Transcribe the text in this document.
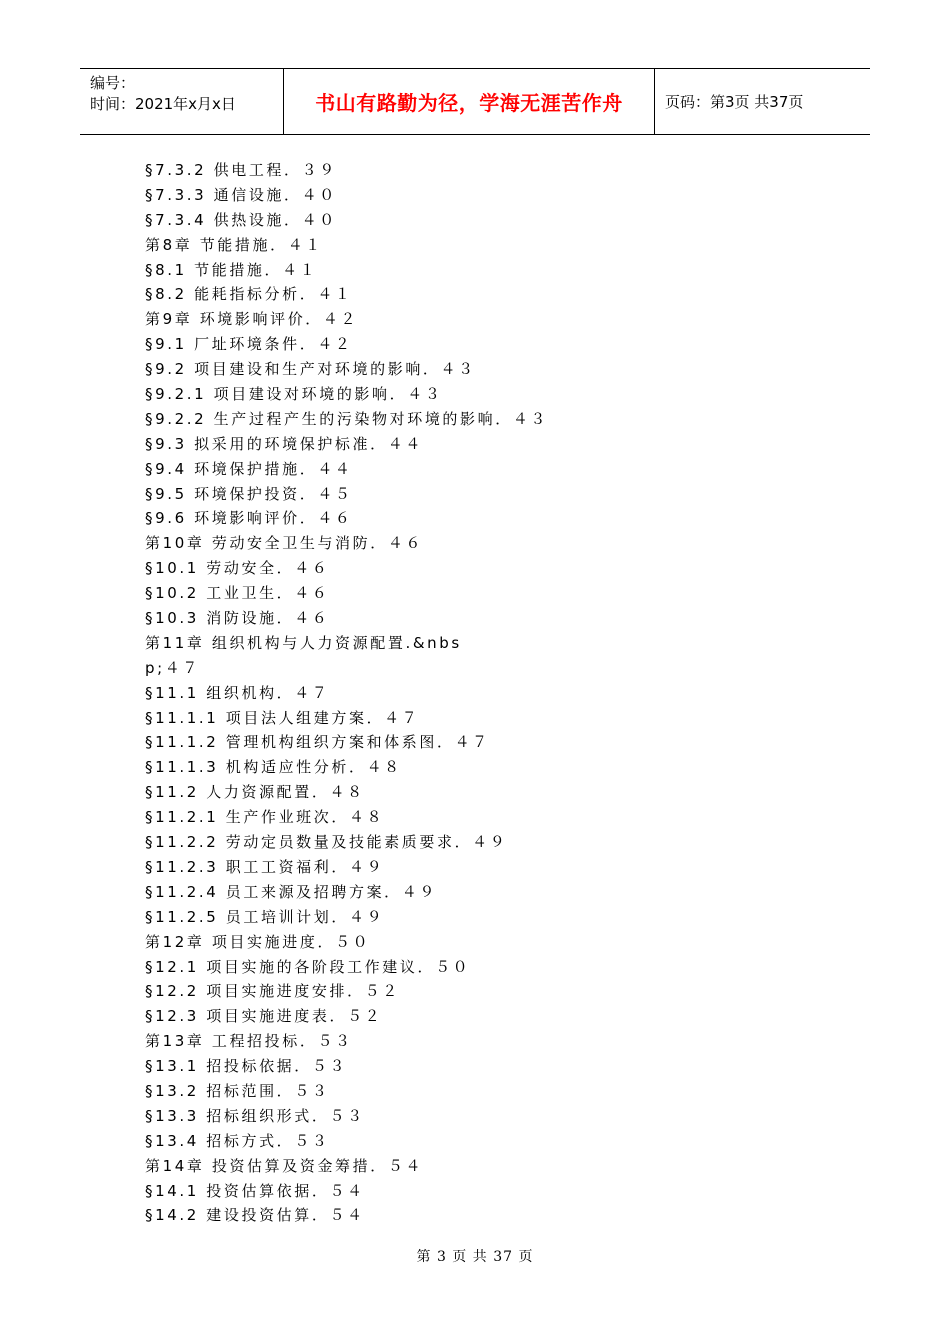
编号：
时间：2021年x月x日	书山有路勤为径，学海无涯苦作舟	页码：第3页 共37页
§7.3.2 供电工程．３９
§7.3.3 通信设施．４０
§7.3.4 供热设施．４０
第8章 节能措施．４１
§8.1 节能措施．４１
§8.2 能耗指标分析．４１
第9章 环境影响评价．４２
§9.1 厂址环境条件．４２
§9.2 项目建设和生产对环境的影响．４３
§9.2.1 项目建设对环境的影响．４３
§9.2.2 生产过程产生的污染物对环境的影响．４３
§9.3 拟采用的环境保护标准．４４
§9.4 环境保护措施．４４
§9.5 环境保护投资．４５
§9.6 环境影响评价．４６
第10章 劳动安全卫生与消防．４６
§10.1 劳动安全．４６
§10.2 工业卫生．４６
§10.3 消防设施．４６
第11章 组织机构与人力资源配置.&nbs
p;４７
§11.1 组织机构．４７
§11.1.1 项目法人组建方案．４７
§11.1.2 管理机构组织方案和体系图．４７
§11.1.3 机构适应性分析．４８
§11.2 人力资源配置．４８
§11.2.1 生产作业班次．４８
§11.2.2 劳动定员数量及技能素质要求．４９
§11.2.3 职工工资福利．４９
§11.2.4 员工来源及招聘方案．４９
§11.2.5 员工培训计划．４９
第12章 项目实施进度．５０
§12.1 项目实施的各阶段工作建议．５０
§12.2 项目实施进度安排．５２
§12.3 项目实施进度表．５２
第13章 工程招投标．５３
§13.1 招投标依据．５３
§13.2 招标范围．５３
§13.3 招标组织形式．５３
§13.4 招标方式．５３
第14章 投资估算及资金筹措．５４
§14.1 投资估算依据．５４
§14.2 建设投资估算．５４
第 3 页 共 37 页
